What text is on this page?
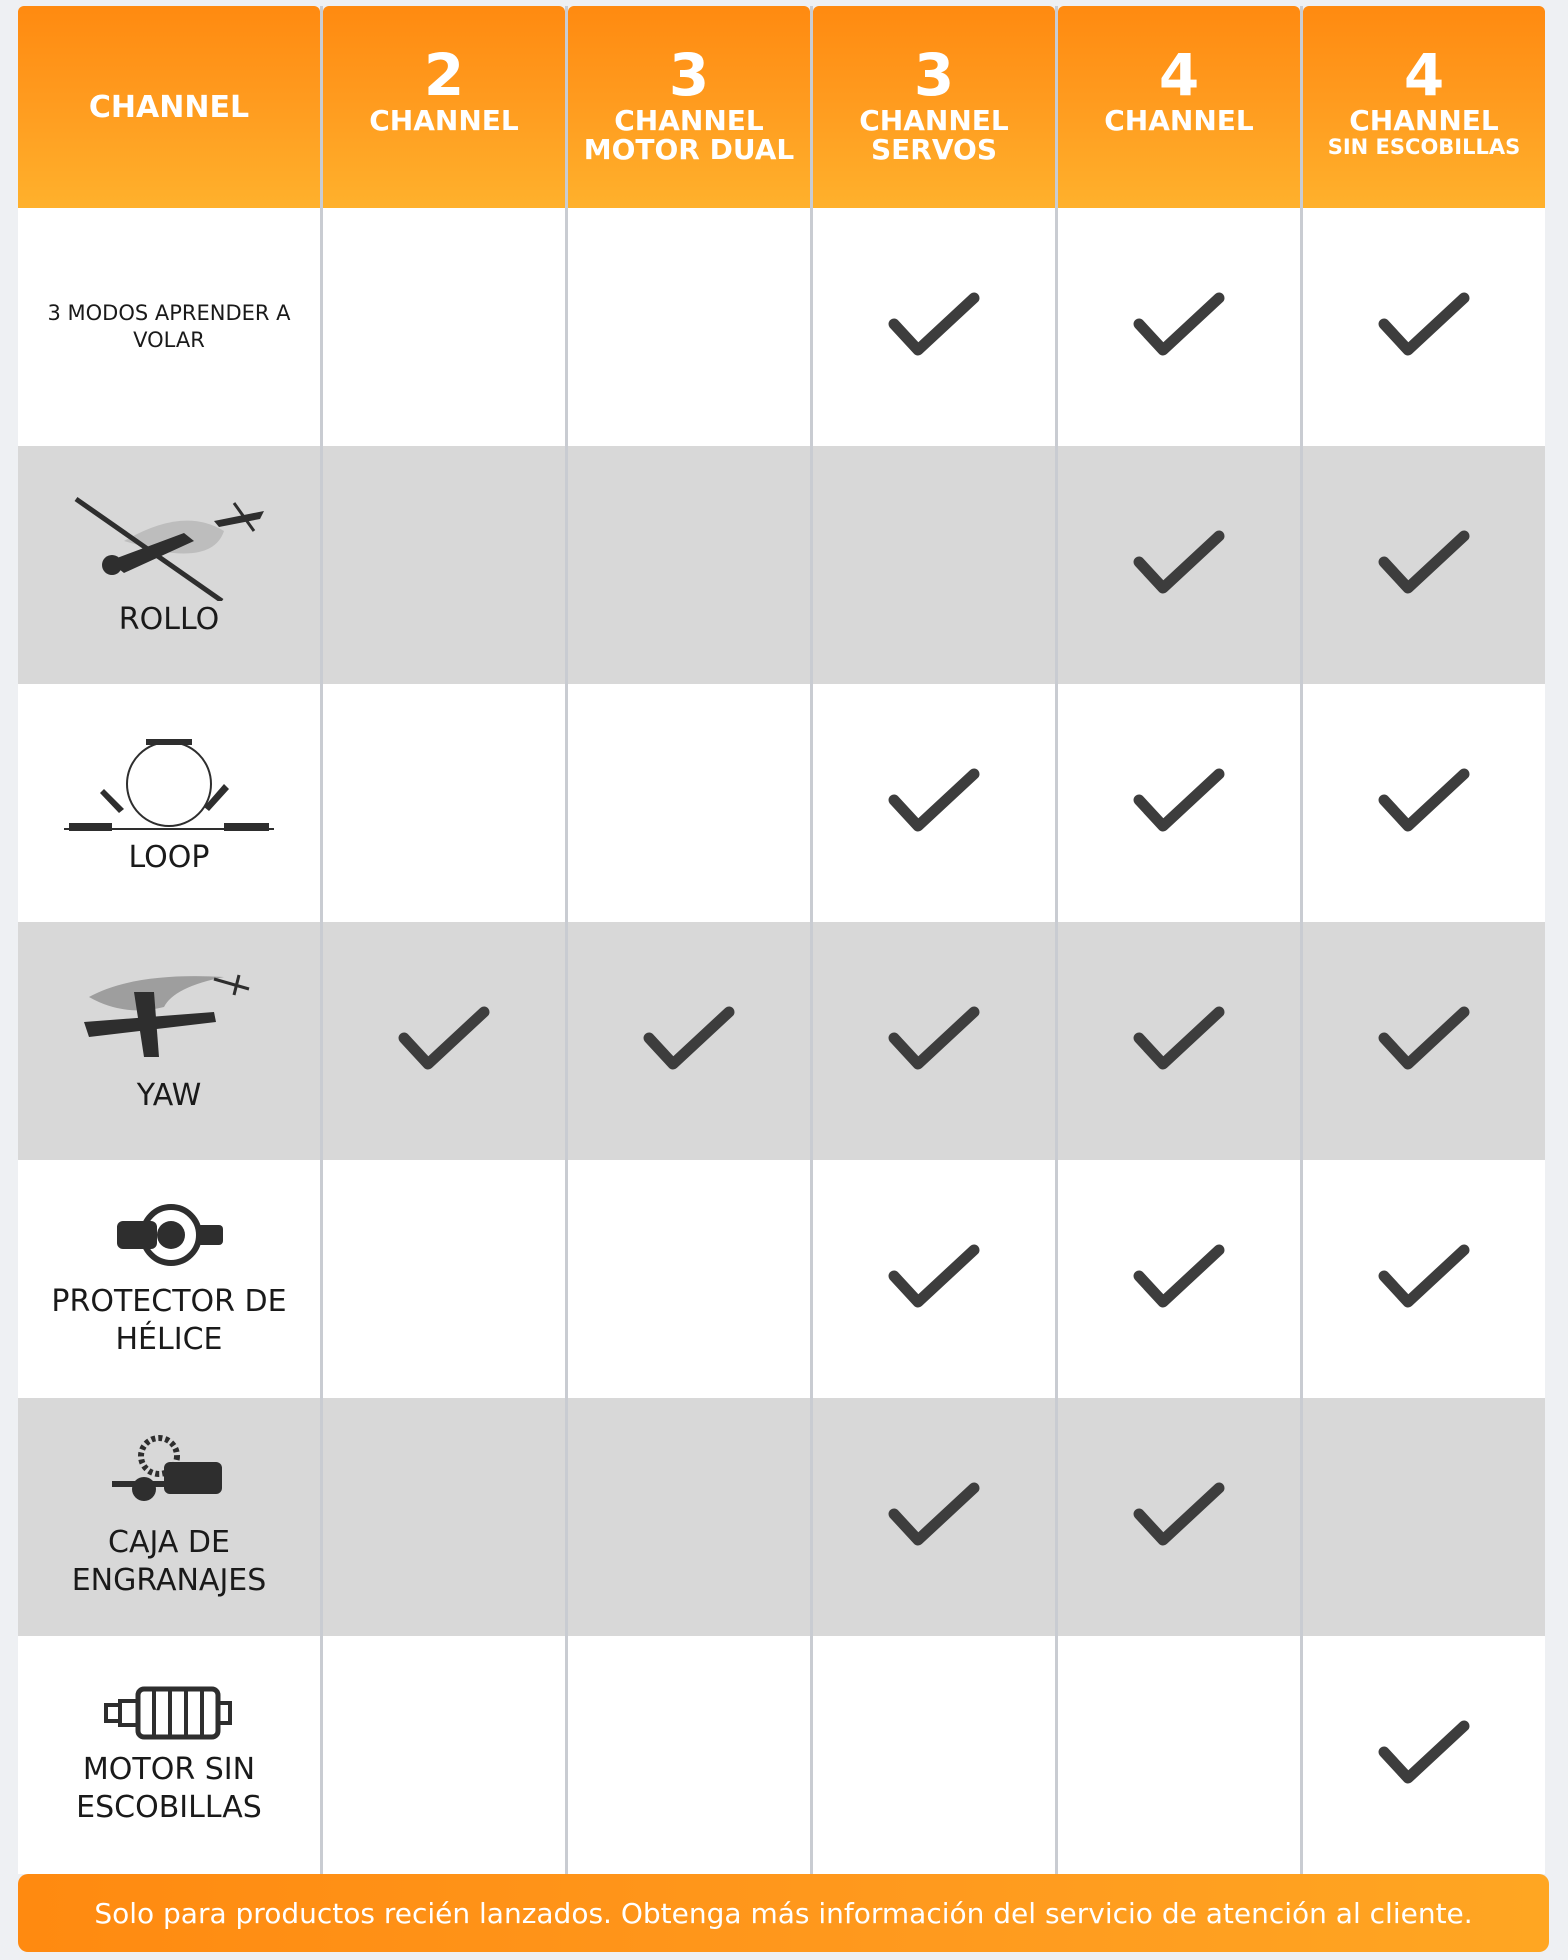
CHANNEL	2
CHANNEL
3
CHANNEL
MOTOR DUAL
3
CHANNEL
SERVOS
4
CHANNEL
4
CHANNEL
SIN ESCOBILLAS
3 MODOS APRENDER A VOLAR
ROLLO
LOOP
YAW
PROTECTOR DE HÉLICE
CAJA DE ENGRANAJES
MOTOR SIN ESCOBILLAS
Solo para productos recién lanzados. Obtenga más información del servicio de atención al cliente.
